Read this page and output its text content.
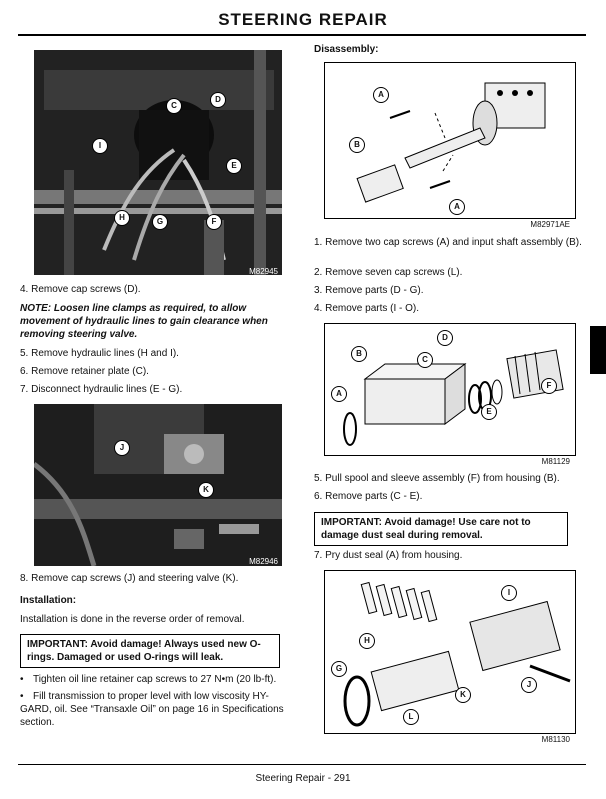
STEERING REPAIR
C
D
I
E
H	G	F
M82945
4. Remove cap screws (D).
NOTE: Loosen line clamps as required, to allow movement of hydraulic lines to gain clearance when removing steering valve.
5. Remove hydraulic lines (H and I).
6. Remove retainer plate (C).
7. Disconnect hydraulic lines (E - G).
J
K
M82946
8. Remove cap screws (J) and steering valve (K).
Installation:
Installation is done in the reverse order of removal.
IMPORTANT: Avoid damage! Always used new O-rings. Damaged or used O-rings will leak.
• Tighten oil line retainer cap screws to 27 N•m (20 lb-ft).
• Fill transmission to proper level with low viscosity HY-GARD, oil. See “Transaxle Oil” on page 16 in Specifications section.
Disassembly:
A
B
A
M82971AE
1. Remove two cap screws (A) and input shaft assembly (B).
2. Remove seven cap screws (L).
3. Remove parts (D - G).
4. Remove parts (I - O).
D
B
C
A
E
F
M81129
5. Pull spool and sleeve assembly (F) from housing (B).
6. Remove parts (C - E).
IMPORTANT: Avoid damage! Use care not to damage dust seal during removal.
7. Pry dust seal (A) from housing.
I
H
G
K
J
L
M81130
Steering Repair - 291
